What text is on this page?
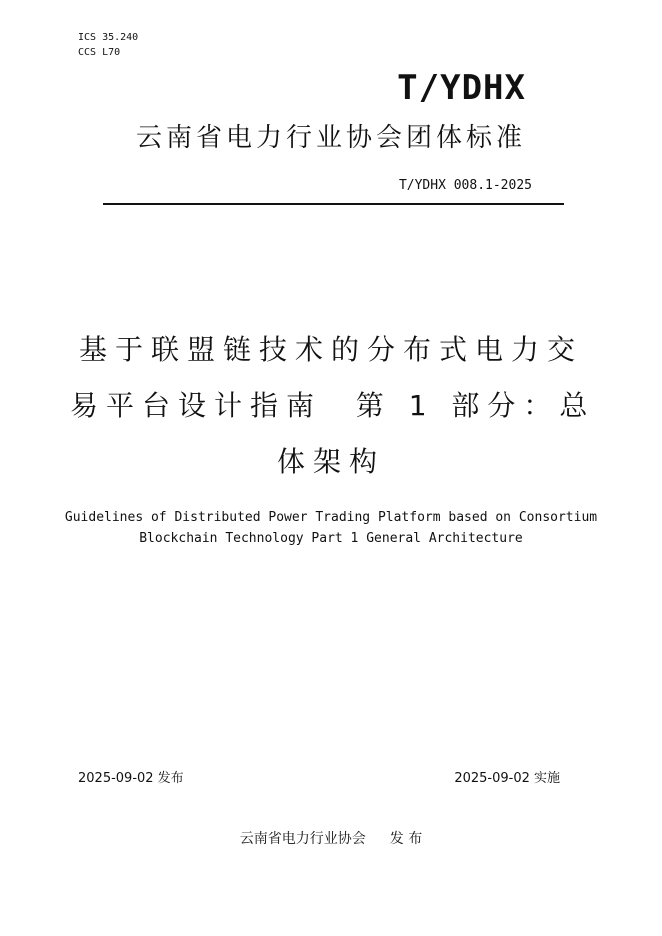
ICS 35.240
CCS L70
T/YDHX
云南省电力行业协会团体标准
T/YDHX 008.1-2025
基于联盟链技术的分布式电力交
易平台设计指南  第 1 部分：总
体架构
Guidelines of Distributed Power Trading Platform based on Consortium
Blockchain Technology Part 1 General Architecture
2025-09-02 发布	2025-09-02 实施
云南省电力行业协会 发 布
